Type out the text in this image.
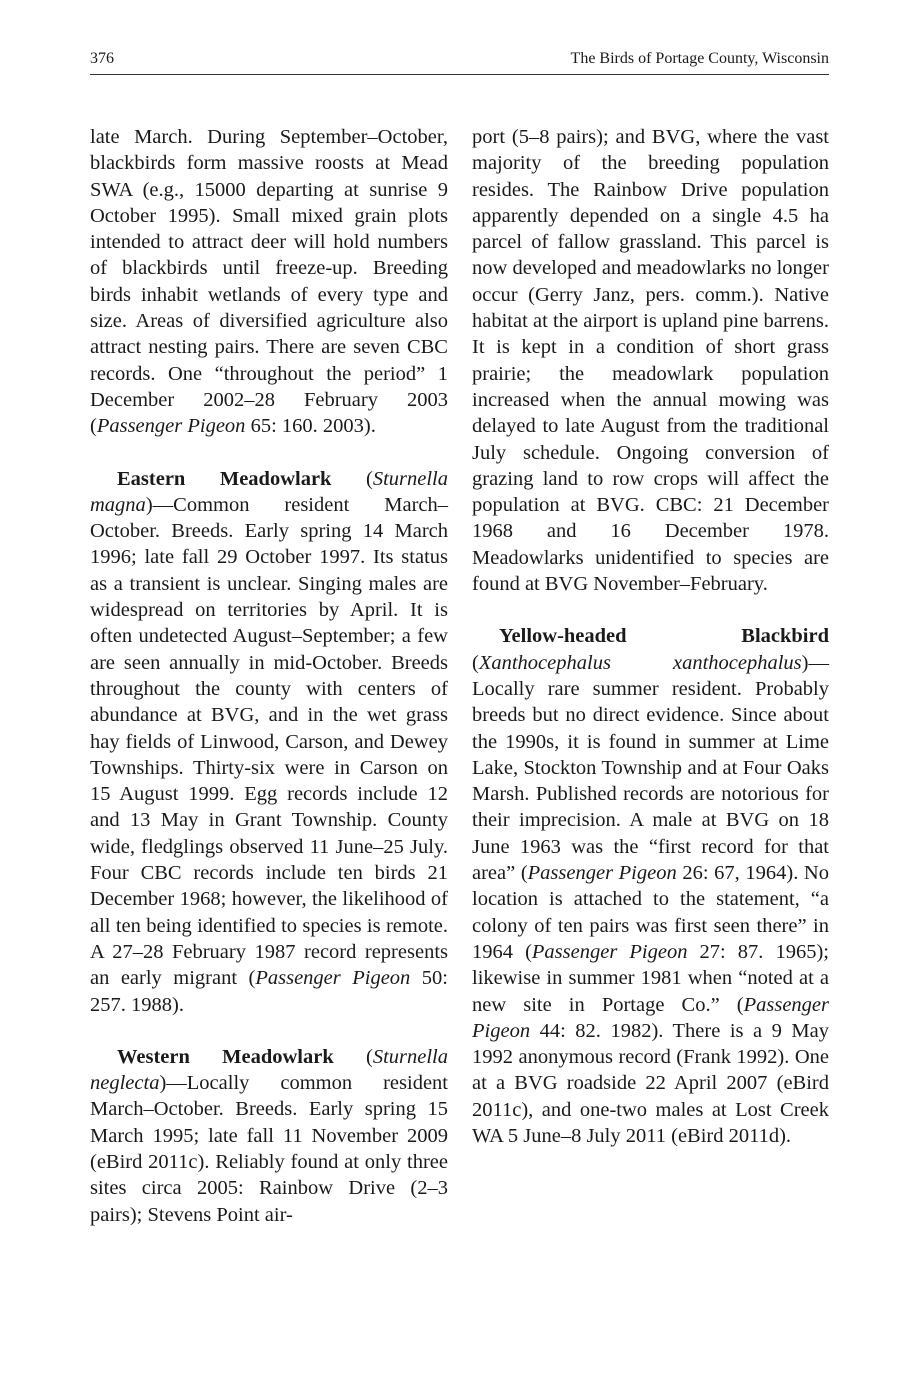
376	The Birds of Portage County, Wisconsin

late March. During September–October, blackbirds form massive roosts at Mead SWA (e.g., 15000 departing at sunrise 9 October 1995). Small mixed grain plots intended to attract deer will hold numbers of blackbirds until freeze-up. Breeding birds inhabit wetlands of every type and size. Areas of diversified agriculture also attract nesting pairs. There are seven CBC records. One “throughout the period” 1 December 2002–28 February 2003 (Passenger Pigeon 65: 160. 2003).

Eastern Meadowlark (Sturnella magna)—Common resident March–October. Breeds. Early spring 14 March 1996; late fall 29 October 1997. Its status as a transient is unclear. Singing males are widespread on territories by April. It is often undetected August–September; a few are seen annually in mid-October. Breeds throughout the county with centers of abundance at BVG, and in the wet grass hay fields of Linwood, Carson, and Dewey Townships. Thirty-six were in Carson on 15 August 1999. Egg records include 12 and 13 May in Grant Township. County wide, fledglings observed 11 June–25 July. Four CBC records include ten birds 21 December 1968; however, the likelihood of all ten being identified to species is remote. A 27–28 February 1987 record represents an early migrant (Passenger Pigeon 50: 257. 1988).

Western Meadowlark (Sturnella neglecta)—Locally common resident March–October. Breeds. Early spring 15 March 1995; late fall 11 November 2009 (eBird 2011c). Reliably found at only three sites circa 2005: Rainbow Drive (2–3 pairs); Stevens Point air-

port (5–8 pairs); and BVG, where the vast majority of the breeding population resides. The Rainbow Drive population apparently depended on a single 4.5 ha parcel of fallow grassland. This parcel is now developed and meadowlarks no longer occur (Gerry Janz, pers. comm.). Native habitat at the airport is upland pine barrens. It is kept in a condition of short grass prairie; the meadowlark population increased when the annual mowing was delayed to late August from the traditional July schedule. Ongoing conversion of grazing land to row crops will affect the population at BVG. CBC: 21 December 1968 and 16 December 1978. Meadowlarks unidentified to species are found at BVG November–February.

Yellow-headed Blackbird (Xanthocephalus xanthocephalus)—Locally rare summer resident. Probably breeds but no direct evidence. Since about the 1990s, it is found in summer at Lime Lake, Stockton Township and at Four Oaks Marsh. Published records are notorious for their imprecision. A male at BVG on 18 June 1963 was the “first record for that area” (Passenger Pigeon 26: 67, 1964). No location is attached to the statement, “a colony of ten pairs was first seen there” in 1964 (Passenger Pigeon 27: 87. 1965); likewise in summer 1981 when “noted at a new site in Portage Co.” (Passenger Pigeon 44: 82. 1982). There is a 9 May 1992 anonymous record (Frank 1992). One at a BVG roadside 22 April 2007 (eBird 2011c), and one-two males at Lost Creek WA 5 June–8 July 2011 (eBird 2011d).
